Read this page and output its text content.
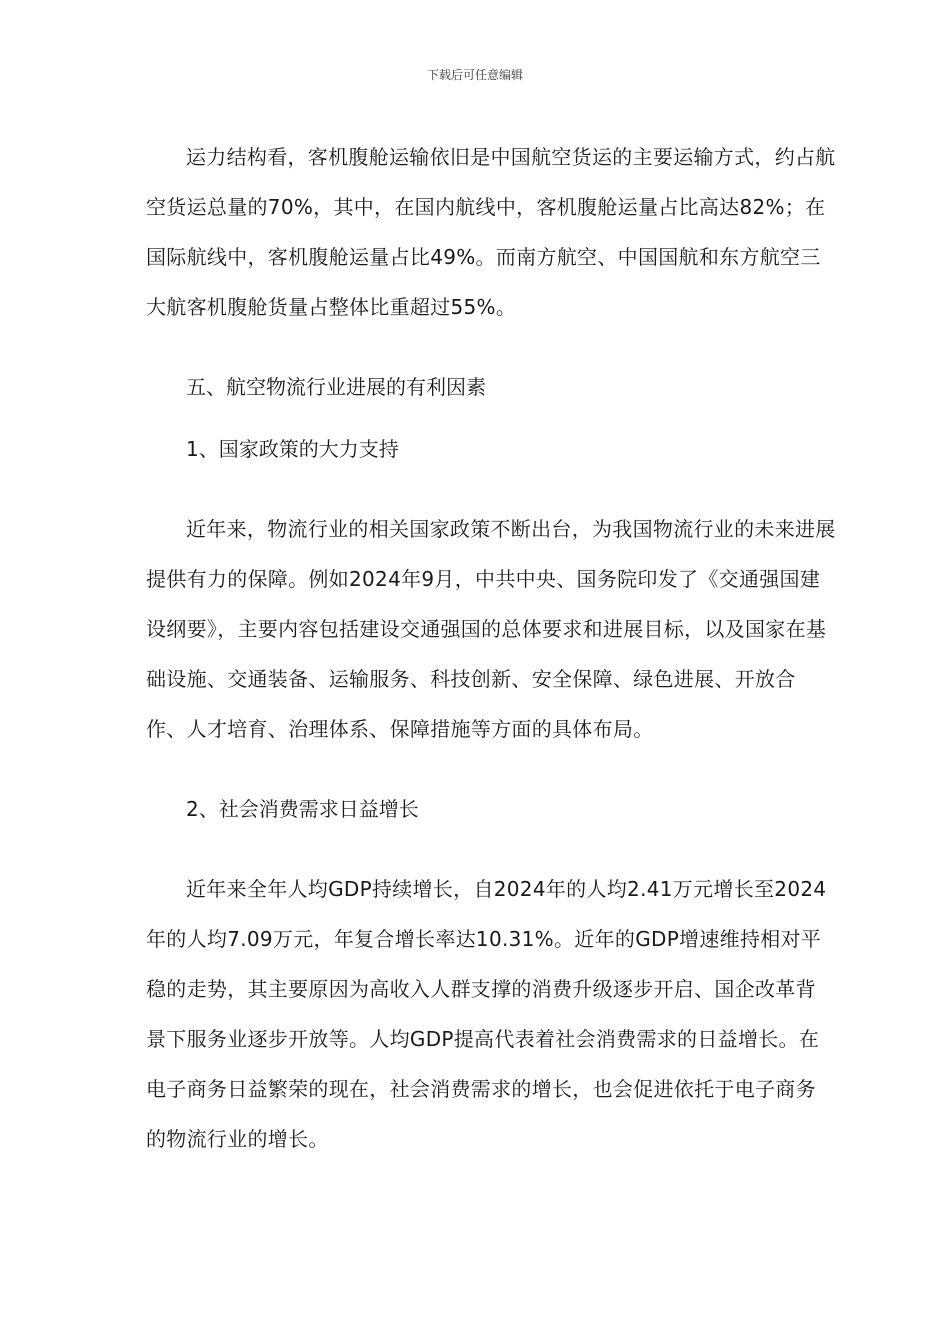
下载后可任意编辑

运力结构看，客机腹舱运输依旧是中国航空货运的主要运输方式，约占航空货运总量的70%，其中，在国内航线中，客机腹舱运量占比高达82%；在国际航线中，客机腹舱运量占比49%。而南方航空、中国国航和东方航空三大航客机腹舱货量占整体比重超过55%。

五、航空物流行业进展的有利因素

1、国家政策的大力支持

近年来，物流行业的相关国家政策不断出台，为我国物流行业的未来进展提供有力的保障。例如2024年9月，中共中央、国务院印发了《交通强国建设纲要》，主要内容包括建设交通强国的总体要求和进展目标，以及国家在基础设施、交通装备、运输服务、科技创新、安全保障、绿色进展、开放合作、人才培育、治理体系、保障措施等方面的具体布局。

2、社会消费需求日益增长

近年来全年人均GDP持续增长，自2024年的人均2.41万元增长至2024年的人均7.09万元，年复合增长率达10.31%。近年的GDP增速维持相对平稳的走势，其主要原因为高收入人群支撑的消费升级逐步开启、国企改革背景下服务业逐步开放等。人均GDP提高代表着社会消费需求的日益增长。在电子商务日益繁荣的现在，社会消费需求的增长，也会促进依托于电子商务的物流行业的增长。
